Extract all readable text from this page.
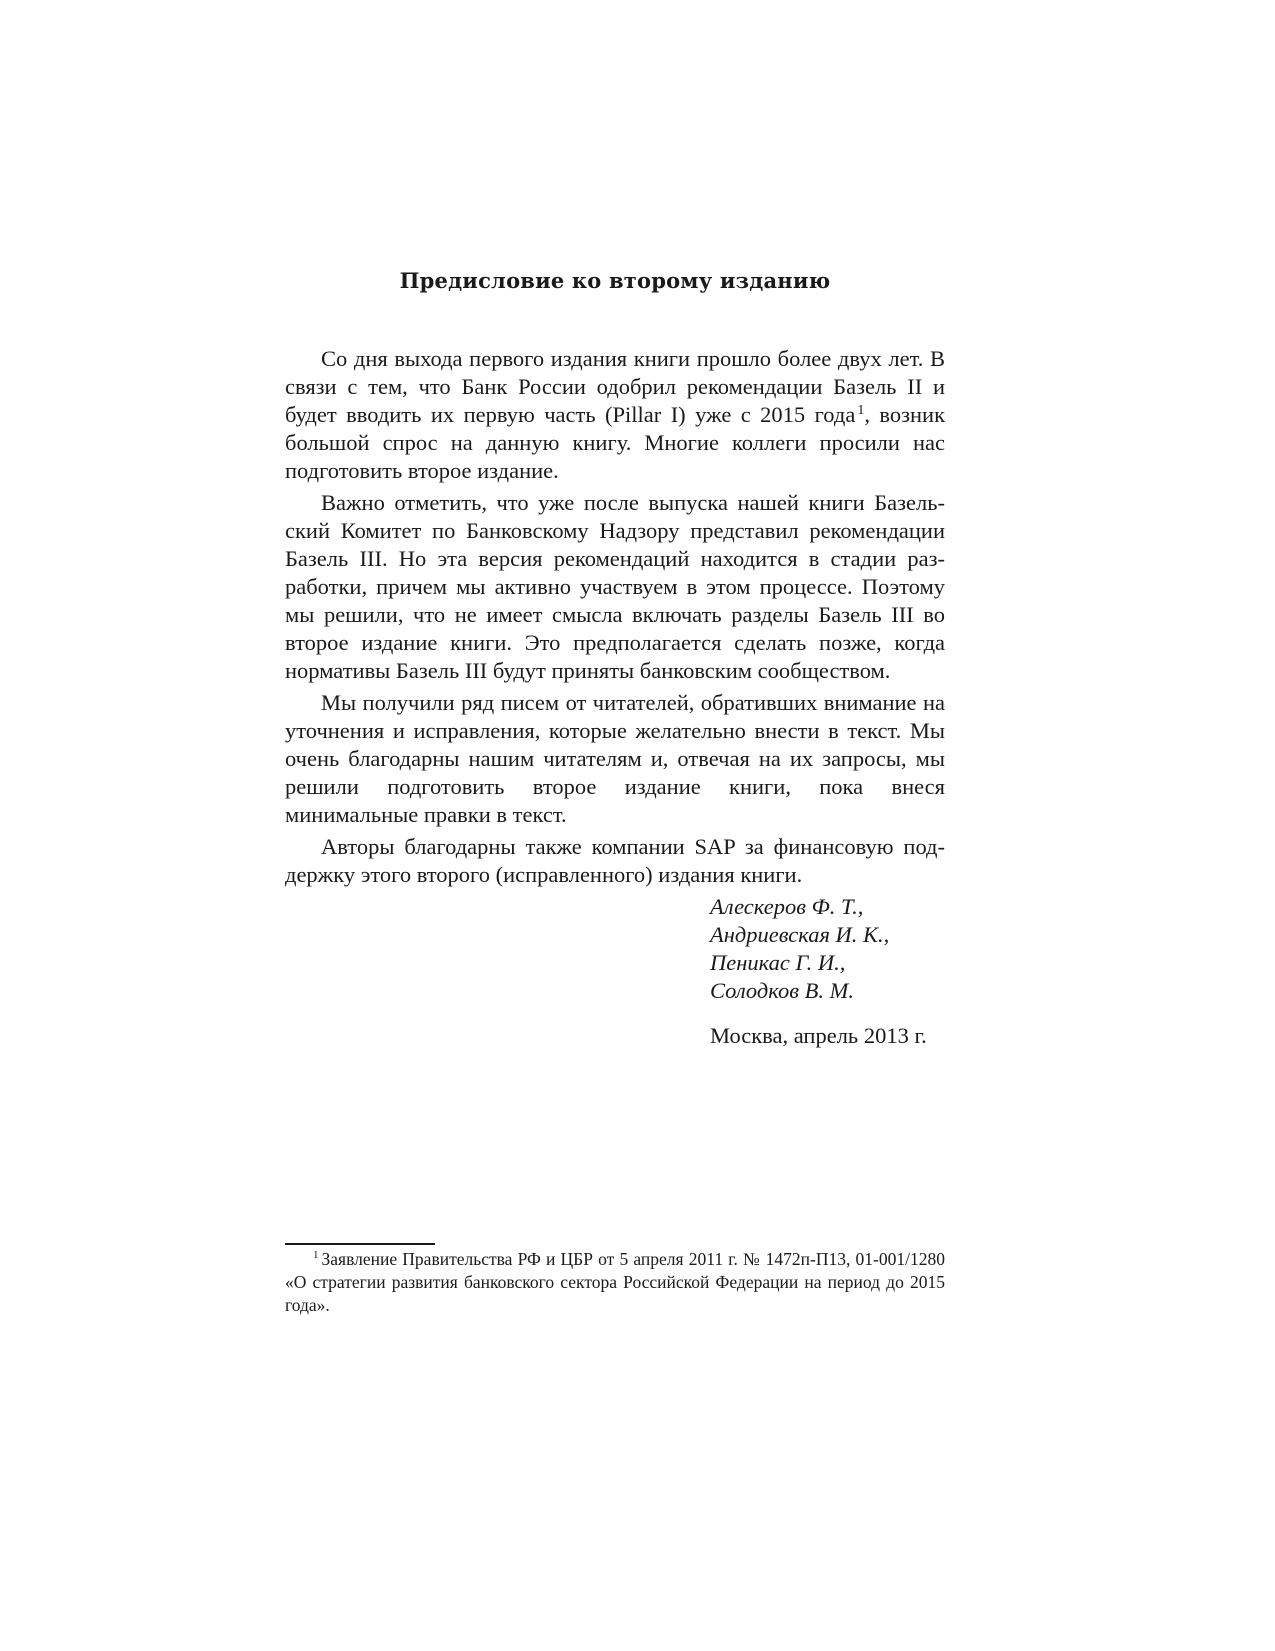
Предисловие ко второму изданию

Со дня выхода первого издания книги прошло более двух лет. В связи с тем, что Банк России одобрил рекомендации Базель II и будет вводить их первую часть (Pillar I) уже с 2015 года $^1$, возник большой спрос на данную книгу. Многие коллеги просили нас подготовить второе издание.

Важно отметить, что уже после выпуска нашей книги Базельский Комитет по Банковскому Надзору представил рекомендации Базель III. Но эта версия рекомендаций находится в стадии разработки, причем мы активно участвуем в этом процессе. Поэтому мы решили, что не имеет смысла включать разделы Базель III во второе издание книги. Это предполагается сделать позже, когда нормативы Базель III будут приняты банковским сообществом.

Мы получили ряд писем от читателей, обративших внимание на уточнения и исправления, которые желательно внести в текст. Мы очень благодарны нашим читателям и, отвечая на их запросы, мы решили подготовить второе издание книги, пока внеся минимальные правки в текст.

Авторы благодарны также компании SAP за финансовую поддержку этого второго (исправленного) издания книги.

Алескеров Ф. Т.,
Андриевская И. К.,
Пеникас Г. И.,
Солодков В. М.
Москва, апрель 2013 г.
$^1$ Заявление Правительства РФ и ЦБР от 5 апреля 2011 г. № 1472п-П13, 01-001/1280 «О стратегии развития банковского сектора Российской Федерации на период до 2015 года».
